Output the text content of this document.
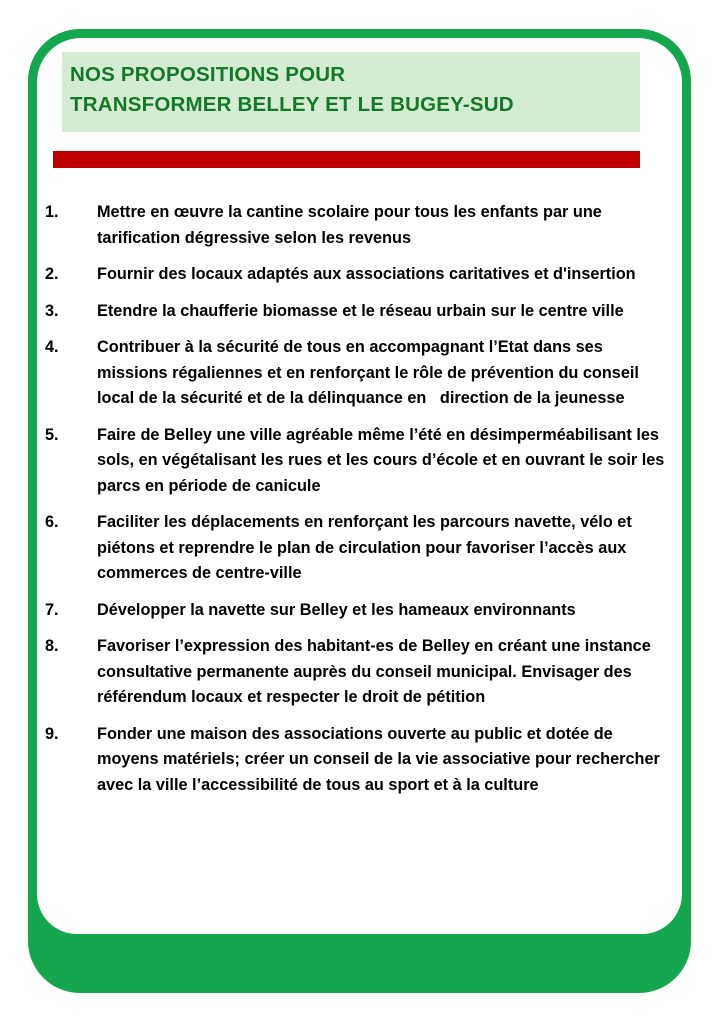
NOS PROPOSITIONS POUR
TRANSFORMER BELLEY ET LE BUGEY-SUD
1.	Mettre en œuvre la cantine scolaire pour tous les enfants par une tarification dégressive selon les revenus
2.	Fournir des locaux adaptés aux associations caritatives et d'insertion
3.	Etendre la chaufferie biomasse et le réseau urbain sur le centre ville
4.	Contribuer à la sécurité de tous en accompagnant l’Etat dans ses missions régaliennes et en renforçant le rôle de prévention du conseil local de la sécurité et de la délinquance en   direction de la jeunesse
5.	Faire de Belley une ville agréable même l’été en désimperméabilisant les sols, en végétalisant les rues et les cours d’école et en ouvrant le soir les parcs en période de canicule
6.	Faciliter les déplacements en renforçant les parcours navette, vélo et piétons et reprendre le plan de circulation pour favoriser l’accès aux commerces de centre-ville
7.	Développer la navette sur Belley et les hameaux environnants
8.	Favoriser l’expression des habitant-es de Belley en créant une instance consultative permanente auprès du conseil municipal. Envisager des référendum locaux et respecter le droit de pétition
9.	Fonder une maison des associations ouverte au public et dotée de moyens matériels; créer un conseil de la vie associative pour rechercher avec la ville l’accessibilité de tous au sport et à la culture
